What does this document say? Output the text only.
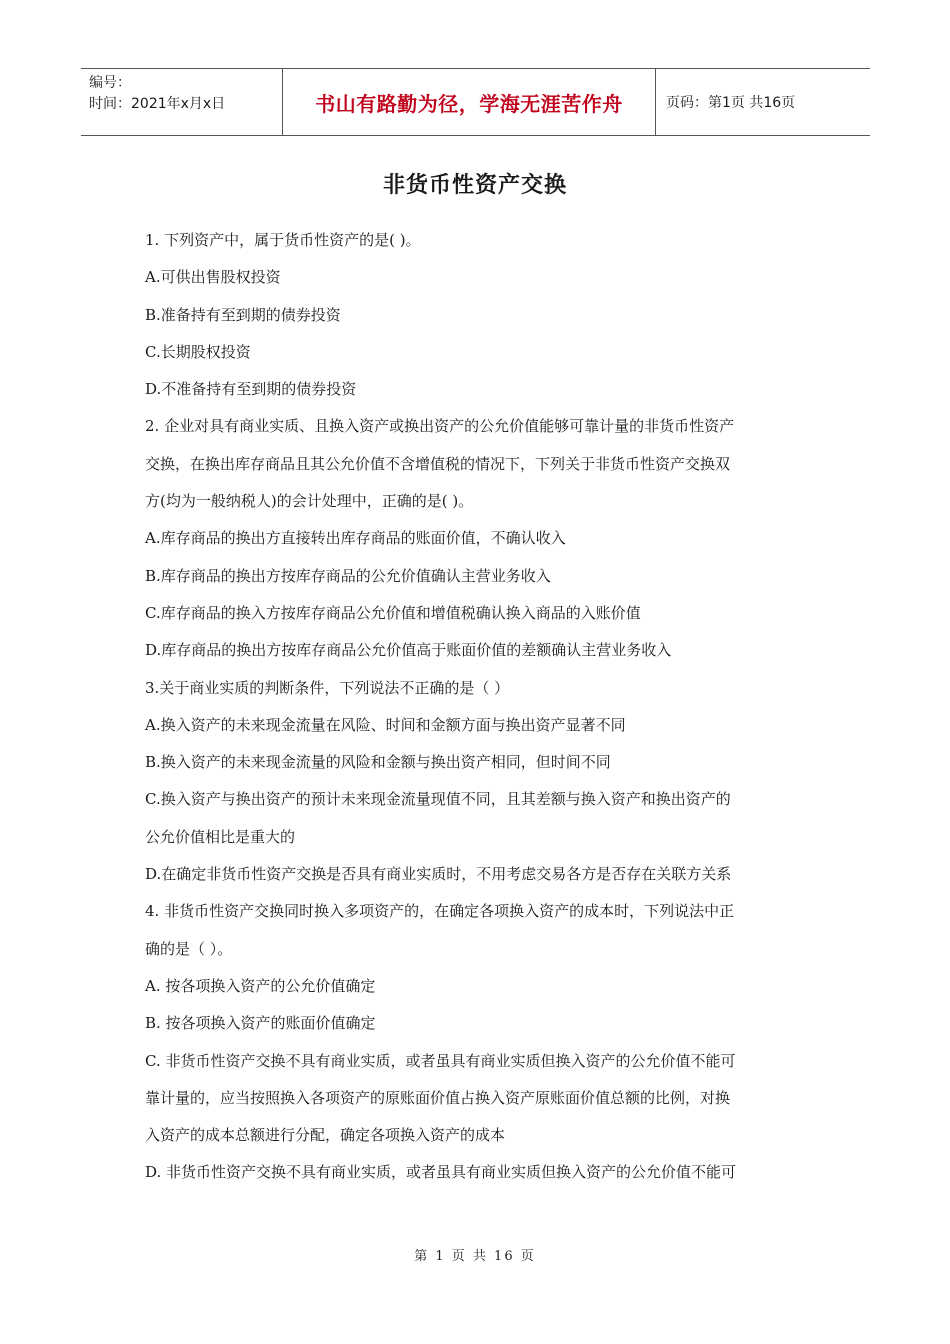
编号：
时间：2021年x月x日	书山有路勤为径，学海无涯苦作舟	页码：第1页 共16页
非货币性资产交换

1. 下列资产中，属于货币性资产的是( )。

A.可供出售股权投资

B.准备持有至到期的债券投资

C.长期股权投资

D.不准备持有至到期的债券投资

2. 企业对具有商业实质、且换入资产或换出资产的公允价值能够可靠计量的非货币性资产

交换，在换出库存商品且其公允价值不含增值税的情况下，下列关于非货币性资产交换双

方(均为一般纳税人)的会计处理中，正确的是( )。

A.库存商品的换出方直接转出库存商品的账面价值，不确认收入

B.库存商品的换出方按库存商品的公允价值确认主营业务收入

C.库存商品的换入方按库存商品公允价值和增值税确认换入商品的入账价值

D.库存商品的换出方按库存商品公允价值高于账面价值的差额确认主营业务收入

3.关于商业实质的判断条件，下列说法不正确的是（ ）

A.换入资产的未来现金流量在风险、时间和金额方面与换出资产显著不同

B.换入资产的未来现金流量的风险和金额与换出资产相同，但时间不同

C.换入资产与换出资产的预计未来现金流量现值不同，且其差额与换入资产和换出资产的

公允价值相比是重大的

D.在确定非货币性资产交换是否具有商业实质时，不用考虑交易各方是否存在关联方关系

4. 非货币性资产交换同时换入多项资产的，在确定各项换入资产的成本时，下列说法中正

确的是（ ）。

A. 按各项换入资产的公允价值确定

B. 按各项换入资产的账面价值确定

C. 非货币性资产交换不具有商业实质，或者虽具有商业实质但换入资产的公允价值不能可

靠计量的，应当按照换入各项资产的原账面价值占换入资产原账面价值总额的比例，对换

入资产的成本总额进行分配，确定各项换入资产的成本

D. 非货币性资产交换不具有商业实质，或者虽具有商业实质但换入资产的公允价值不能可

第 1 页 共 16 页
